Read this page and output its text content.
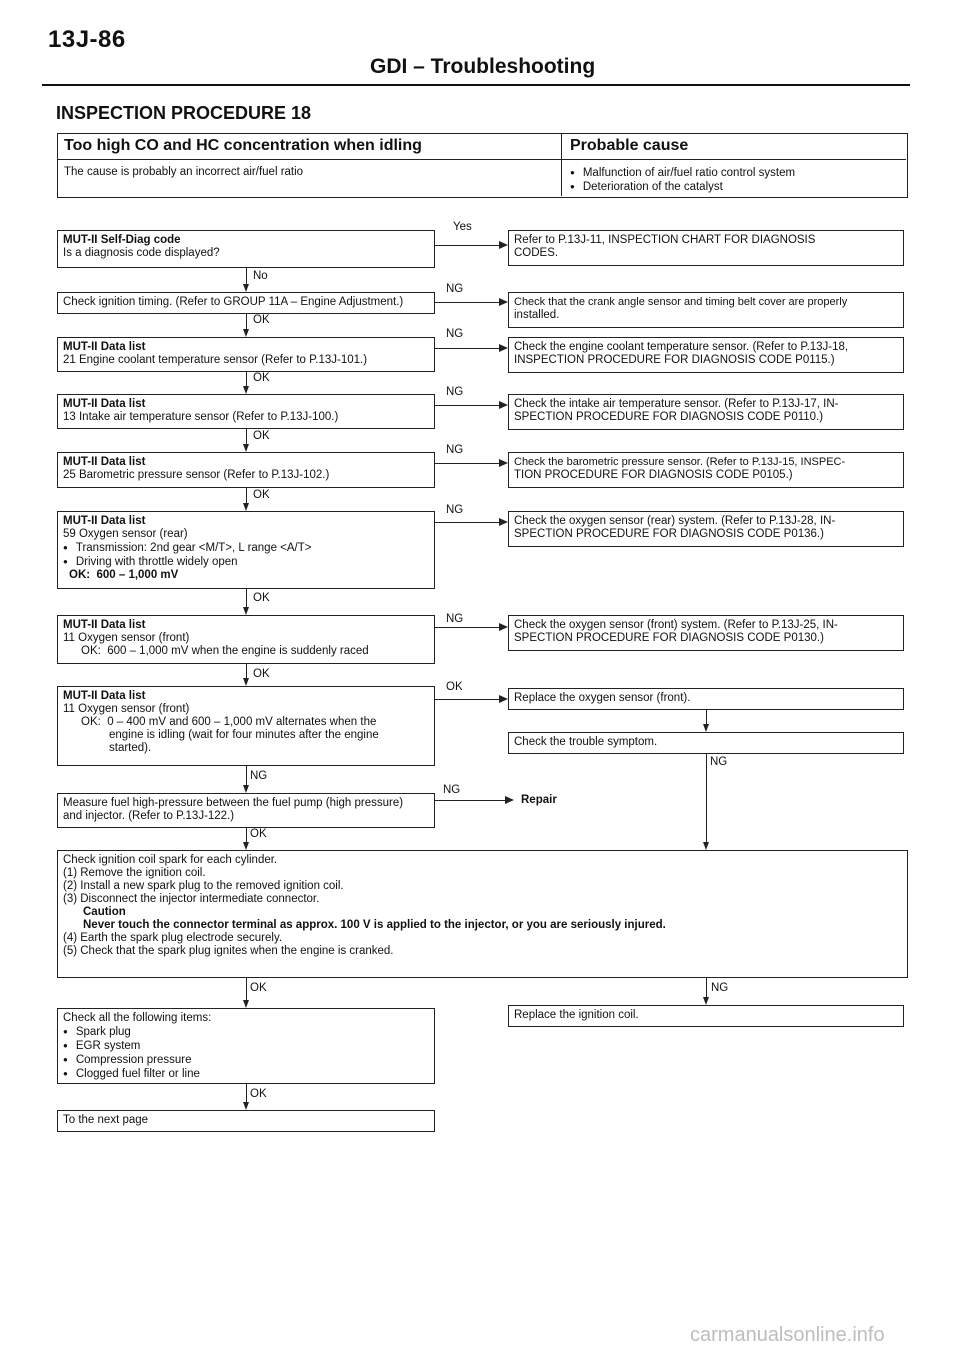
13J-86
GDI – Troubleshooting
INSPECTION PROCEDURE 18
Too high CO and HC concentration when idling	Probable cause
The cause is probably an incorrect air/fuel ratio
●	Malfunction of air/fuel ratio control system
● Deterioration of the catalyst
MUT-II Self-Diag code
Is a diagnosis code displayed?
Check ignition timing. (Refer to GROUP 11A – Engine Adjustment.)
MUT-II Data list
21 Engine coolant temperature sensor (Refer to P.13J-101.)
MUT-II Data list
13 Intake air temperature sensor (Refer to P.13J-100.)
MUT-II Data list
25 Barometric pressure sensor (Refer to P.13J-102.)
MUT-II Data list
59 Oxygen sensor (rear)
● Transmission: 2nd gear <M/T>, L range <A/T>
● Driving with throttle widely open
OK:  600 – 1,000 mV
MUT-II Data list
11 Oxygen sensor (front)
OK:  600 – 1,000 mV when the engine is suddenly raced
MUT-II Data list
11 Oxygen sensor (front)
OK:  0 – 400 mV and 600 – 1,000 mV alternates when the
engine is idling (wait for four minutes after the engine
started).
Measure fuel high-pressure between the fuel pump (high pressure)
and injector. (Refer to P.13J-122.)
Check ignition coil spark for each cylinder.
(1) Remove the ignition coil.
(2) Install a new spark plug to the removed ignition coil.
(3) Disconnect the injector intermediate connector.
Caution
Never touch the connector terminal as approx. 100 V is applied to the injector, or you are seriously injured.
(4) Earth the spark plug electrode securely.
(5) Check that the spark plug ignites when the engine is cranked.
Check all the following items:
● Spark plug
● EGR system
● Compression pressure
● Clogged fuel filter or line
To the next page
Refer to P.13J-11, INSPECTION CHART FOR DIAGNOSIS
CODES.
Check that the crank angle sensor and timing belt cover are properly
installed.
Check the engine coolant temperature sensor. (Refer to P.13J-18,
INSPECTION PROCEDURE FOR DIAGNOSIS CODE P0115.)
Check the intake air temperature sensor. (Refer to P.13J-17, IN-
SPECTION PROCEDURE FOR DIAGNOSIS CODE P0110.)
Check the barometric pressure sensor. (Refer to P.13J-15, INSPEC-
TION PROCEDURE FOR DIAGNOSIS CODE P0105.)
Check the oxygen sensor (rear) system. (Refer to P.13J-28, IN-
SPECTION PROCEDURE FOR DIAGNOSIS CODE P0136.)
Check the oxygen sensor (front) system. (Refer to P.13J-25, IN-
SPECTION PROCEDURE FOR DIAGNOSIS CODE P0130.)
Replace the oxygen sensor (front).
Check the trouble symptom.
Replace the ignition coil.
Repair
Yes
NG
NG
NG
NG
NG
NG
OK
NG
No
OK
OK
OK
OK
OK
OK
NG
OK
OK
OK
NG
NG
carmanualsonline.info
